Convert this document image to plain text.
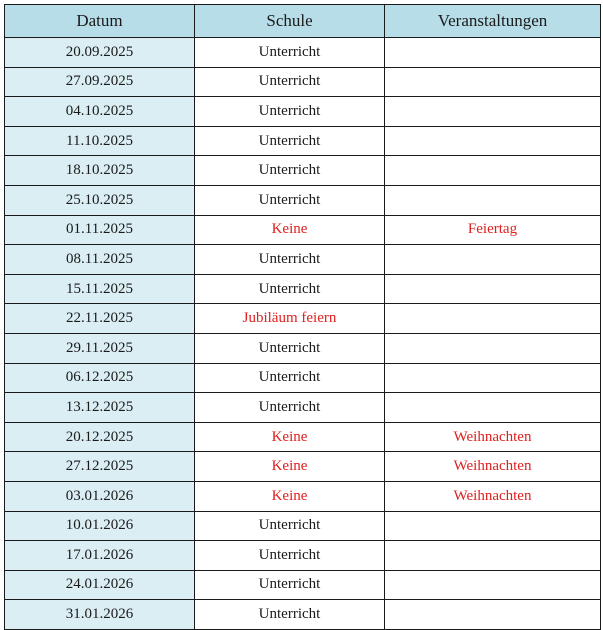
Datum	Schule	Veranstaltungen
20.09.2025	Unterricht	
27.09.2025	Unterricht	
04.10.2025	Unterricht	
11.10.2025	Unterricht	
18.10.2025	Unterricht	
25.10.2025	Unterricht	
01.11.2025	Keine	Feiertag
08.11.2025	Unterricht	
15.11.2025	Unterricht	
22.11.2025	Jubiläum feiern	
29.11.2025	Unterricht	
06.12.2025	Unterricht	
13.12.2025	Unterricht	
20.12.2025	Keine	Weihnachten
27.12.2025	Keine	Weihnachten
03.01.2026	Keine	Weihnachten
10.01.2026	Unterricht	
17.01.2026	Unterricht	
24.01.2026	Unterricht	
31.01.2026	Unterricht	
